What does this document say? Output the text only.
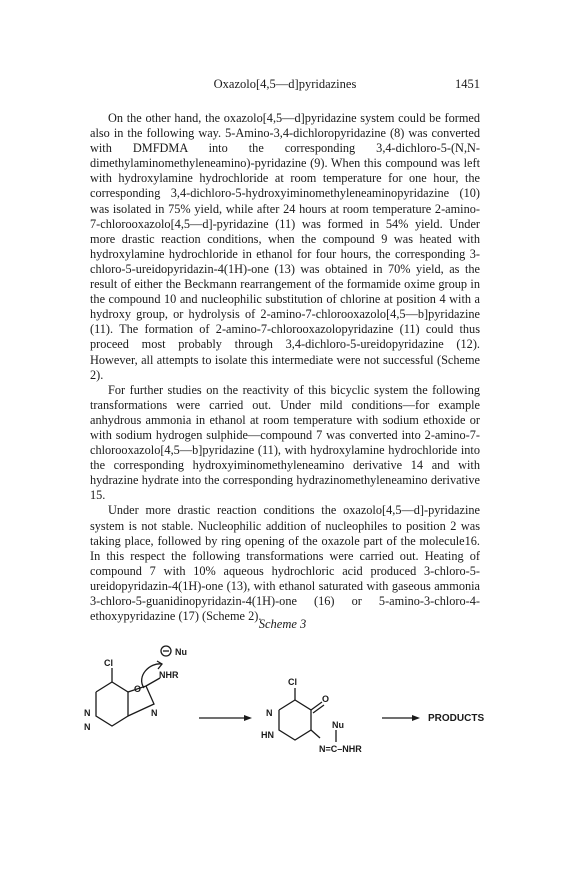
Oxazolo[4,5—d]pyridazines	1451

On the other hand, the oxazolo[4,5—d]pyridazine system could be formed also in the following way. 5-Amino-3,4-dichloropyridazine (8) was converted with DMFDMA into the corresponding 3,4-dichloro-5-(N,N-dimethylaminomethyleneamino)-pyridazine (9). When this compound was left with hydroxylamine hydrochloride at room temperature for one hour, the corresponding 3,4-dichloro-5-hydroxyiminomethyleneaminopyridazine (10) was isolated in 75% yield, while after 24 hours at room temperature 2-amino-7-chlorooxazolo[4,5—d]-pyridazine (11) was formed in 54% yield. Under more drastic reaction conditions, when the compound 9 was heated with hydroxylamine hydrochloride in ethanol for four hours, the corresponding 3-chloro-5-ureidopyridazin-4(1H)-one (13) was obtained in 70% yield, as the result of either the Beckmann rearrangement of the formamide oxime group in the compound 10 and nucleophilic substitution of chlorine at position 4 with a hydroxy group, or hydrolysis of 2-amino-7-chlorooxazolo[4,5—b]pyridazine (11). The formation of 2-amino-7-chlorooxazolopyridazine (11) could thus proceed most probably through 3,4-dichloro-5-ureidopyridazine (12). However, all attempts to isolate this intermediate were not successful (Scheme 2).

For further studies on the reactivity of this bicyclic system the following transformations were carried out. Under mild conditions—for example anhydrous ammonia in ethanol at room temperature with sodium ethoxide or with sodium hydrogen sulphide—compound 7 was converted into 2-amino-7-chlorooxazolo[4,5—b]pyridazine (11), with hydroxylamine hydrochloride into the corresponding hydroxyiminomethyleneamino derivative 14 and with hydrazine hydrate into the corresponding hydrazinomethyleneamino derivative 15.

Under more drastic reaction conditions the oxazolo[4,5—d]-pyridazine system is not stable. Nucleophilic addition of nucleophiles to position 2 was taking place, followed by ring opening of the oxazole part of the molecule16. In this respect the following transformations were carried out. Heating of compound 7 with 10% aqueous hydrochloric acid produced 3-chloro-5-ureidopyridazin-4(1H)-one (13), with ethanol saturated with gaseous ammonia 3-chloro-5-guanidinopyridazin-4(1H)-one (16) or 5-amino-3-chloro-4-ethoxypyridazine (17) (Scheme 2).

Scheme 3
Nu
Cl
NHR
N
N
N
O
Cl
O
N
HN
Nu
N=C–NHR
PRODUCTS
